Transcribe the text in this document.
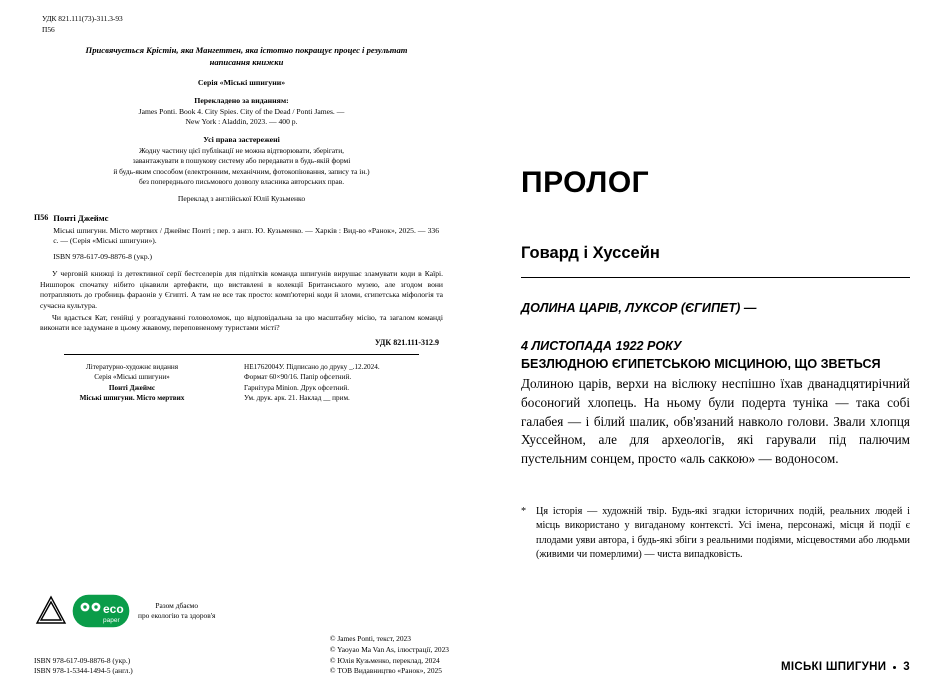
УДК 821.111(73)-311.3-93
П56
Присвячується Крістін, яка Мангеттен, яка істотно покращує процес і результат написання книжки
Серія «Міські шпигуни»
Перекладено за виданням:
James Ponti. Book 4. City Spies. City of the Dead / Ponti James. —
New York : Aladdin, 2023. — 400 p.
Усі права застережені

Жодну частину цієї публікації не можна відтворювати, зберігати,

завантажувати в пошукову систему або передавати в будь-якій формі

й будь-яким способом (електронним, механічним, фотокопіювання, запису та ін.)

без попереднього письмового дозволу власника авторських прав.

Переклад з англійської Юлії Кузьменко
П56 Понті Джеймс
Міські шпигуни. Місто мертвих / Джеймс Понті ; пер. з англ. Ю. Кузьменко. — Харків : Вид-во «Ранок», 2025. — 336 с. — (Серія «Міські шпигуни»).
ISBN 978-617-09-8876-8 (укр.)

У черговій книжці із детективної серії бестселерів для підлітків команда шпигунів вирушає зламувати коди в Каїрі. Нишпорок спочатку нібито цікавили артефакти, що виставлені в колекції Британського музею, але згодом вони потрапляють до гробниць фараонів у Єгипті. А там не все так просто: комп'ютерні коди й зломи, єгипетська міфологія та сучасна культура.

Чи вдасться Кат, генійці у розгадуванні головоломок, що відповідальна за цю масштабну місію, та загалом команді виконати все задумане в цьому жвавому, переповненому туристами місті?

УДК 821.111-312.9
Літературно-художнє видання
Серія «Міські шпигуни»
Понті Джеймс
Міські шпигуни. Місто мертвих
НЕ1762004У. Підписано до друку _.12.2024.
Формат 60×90/16. Папір офсетний.
Гарнітура Minion. Друк офсетний.
Ум. друк. арк. 21. Наклад __ прим.
eco
paper
Разом дбаємо
про екологію та здоров'я

ISBN 978-617-09-8876-8 (укр.)

ISBN 978-1-5344-1494-5 (англ.)

© James Ponti, текст, 2023

© Yaoyao Ma Van As, ілюстрації, 2023

© Юлія Кузьменко, переклад, 2024

© ТОВ Видавництво «Ранок», 2025

ПРОЛОГ
Говард і Хуссейн
ДОЛИНА ЦАРІВ, ЛУКСОР (ЄГИПЕТ) —
4 ЛИСТОПАДА 1922 РОКУ
БЕЗЛЮДНОЮ ЄГИПЕТСЬКОЮ МІСЦИНОЮ, ЩО ЗВЕТЬСЯ

Долиною царів, верхи на віслюку неспішно їхав дванадцятирічний босоногий хлопець. На ньому були подерта туніка — така собі галабея — і білий шалик, обв'язаний навколо голови. Звали хлопця Хуссейном, але для археологів, які гарували під палючим пустельним сонцем, просто «аль саккою» — водоносом.

* Ця історія — художній твір. Будь-які згадки історичних подій, реальних людей і місць використано у вигаданому контексті. Усі імена, персонажі, місця й події є плодами уяви автора, і будь-які збіги з реальними подіями, місцевостями або людьми (живими чи померлими) — чиста випадковість.
МІСЬКІ ШПИГУНИ 3
